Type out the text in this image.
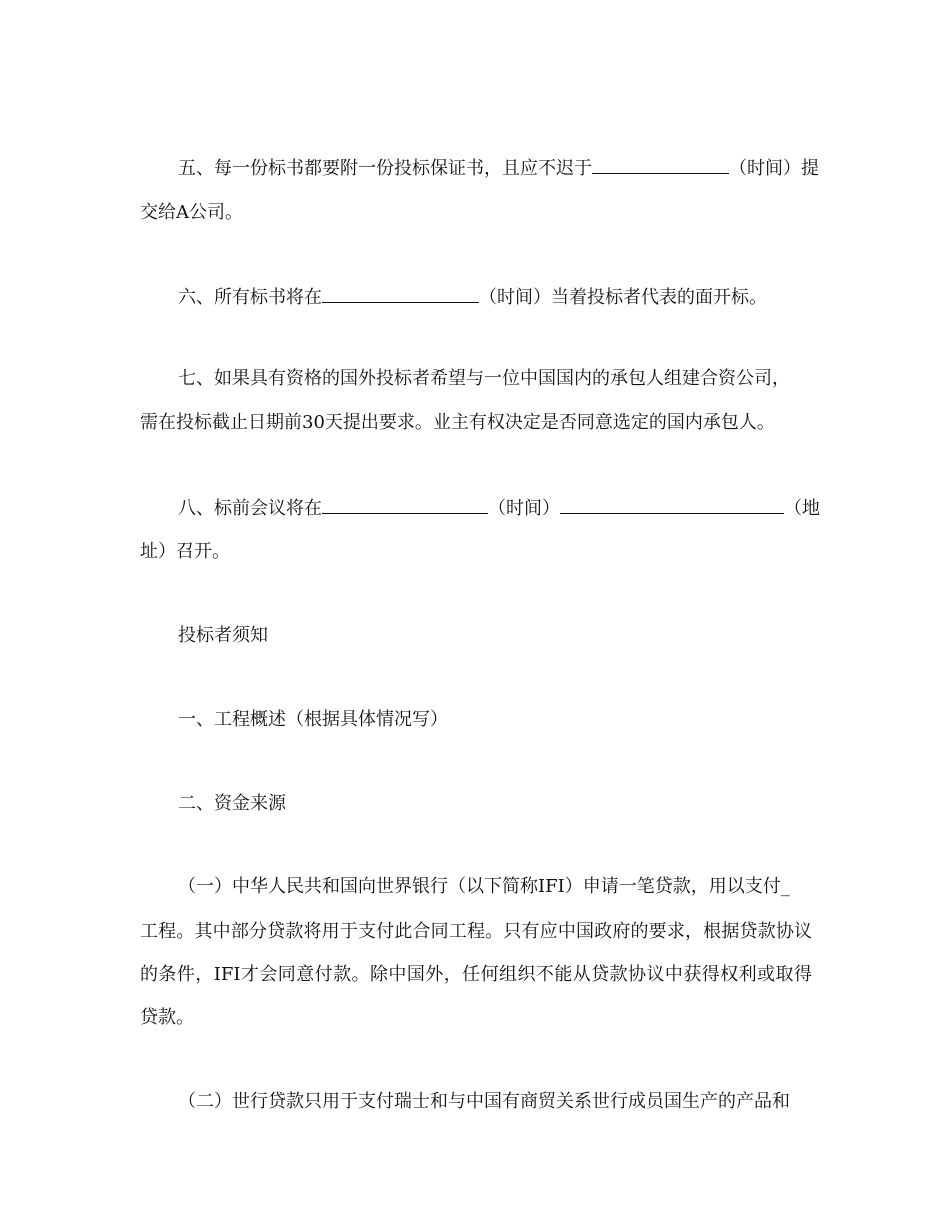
五、每一份标书都要附一份投标保证书，且应不迟于	（时间）提
交给A公司。
六、所有标书将在	（时间）当着投标者代表的面开标。
七、如果具有资格的国外投标者希望与一位中国国内的承包人组建合资公司，
需在投标截止日期前30天提出要求。业主有权决定是否同意选定的国内承包人。
八、标前会议将在	（时间）	（地
址）召开。
投标者须知
一、工程概述（根据具体情况写）
二、资金来源
（一）中华人民共和国向世界银行（以下简称IFI）申请一笔贷款，用以支付_
工程。其中部分贷款将用于支付此合同工程。只有应中国政府的要求，根据贷款协议
的条件，IFI才会同意付款。除中国外，任何组织不能从贷款协议中获得权利或取得
贷款。
（二）世行贷款只用于支付瑞士和与中国有商贸关系世行成员国生产的产品和
